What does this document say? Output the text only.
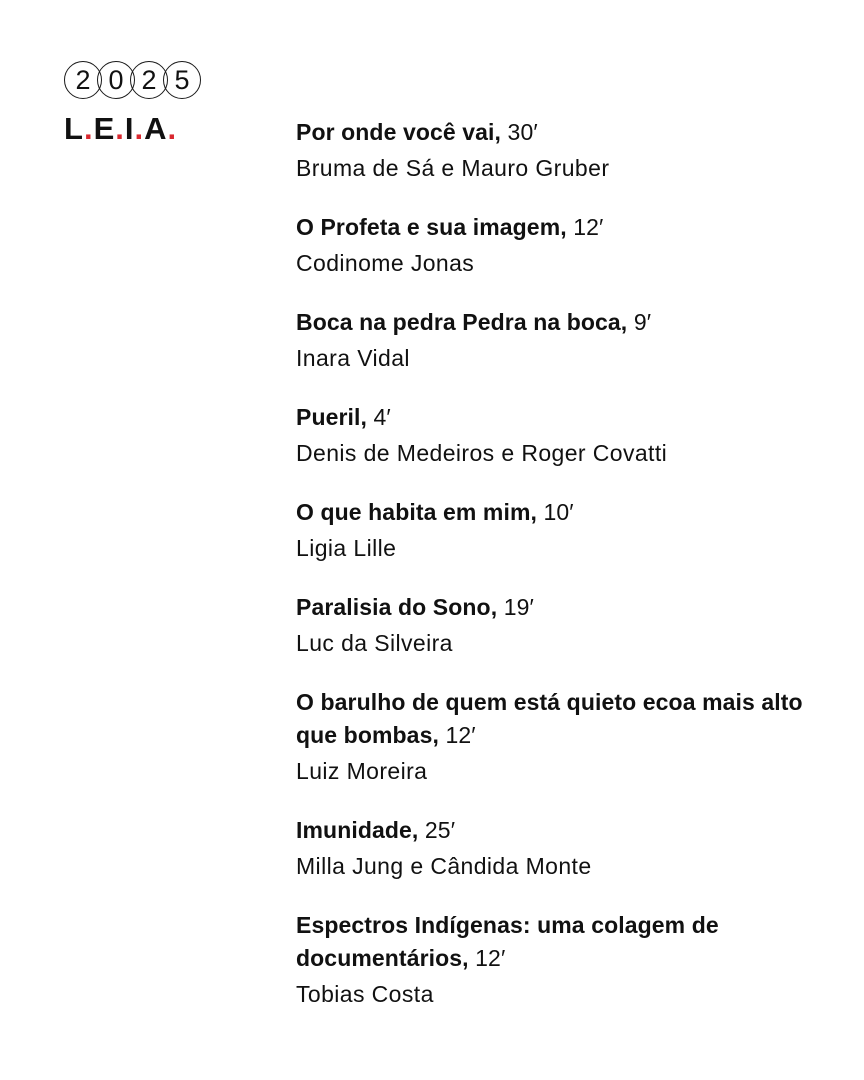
2 0 2 5
L . E . I . A .	Por onde você vai, 30′
Bruma de Sá e Mauro Gruber
O Profeta e sua imagem, 12′
Codinome Jonas
Boca na pedra Pedra na boca, 9′
Inara Vidal
Pueril, 4′
Denis de Medeiros e Roger Covatti
O que habita em mim, 10′
Ligia Lille
Paralisia do Sono, 19′
Luc da Silveira
O barulho de quem está quieto ecoa mais alto que bombas, 12′
Luiz Moreira
Imunidade, 25′
Milla Jung e Cândida Monte
Espectros Indígenas: uma colagem de documentários, 12′
Tobias Costa
